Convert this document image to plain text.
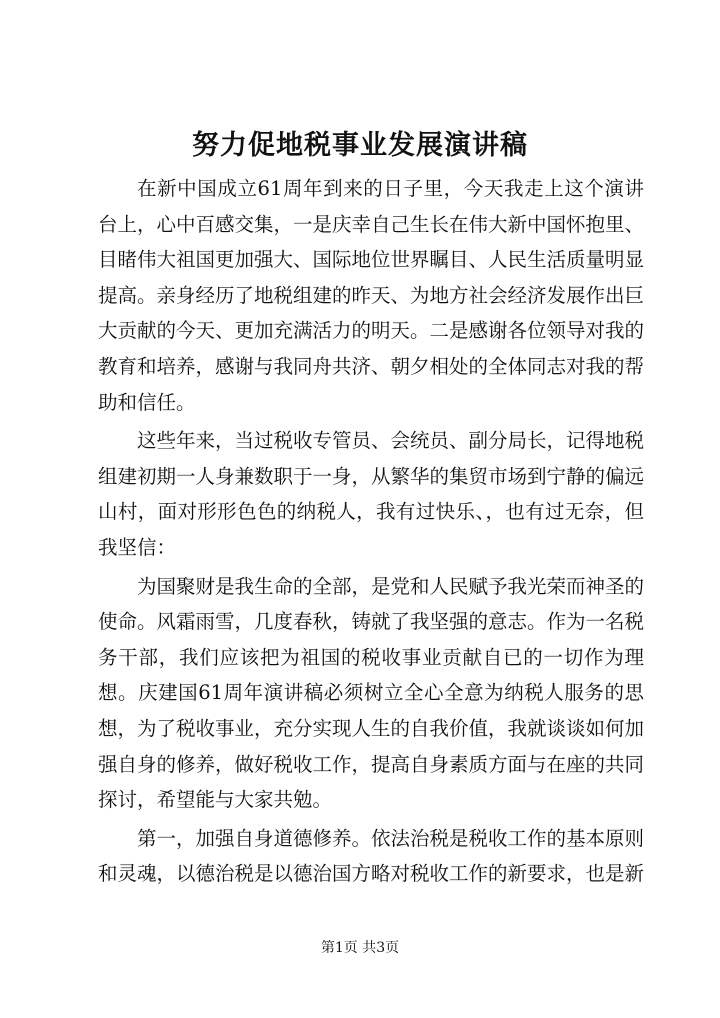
努力促地税事业发展演讲稿

在新中国成立61周年到来的日子里，今天我走上这个演讲台上，心中百感交集，一是庆幸自己生长在伟大新中国怀抱里、目睹伟大祖国更加强大、国际地位世界瞩目、人民生活质量明显提高。亲身经历了地税组建的昨天、为地方社会经济发展作出巨大贡献的今天、更加充满活力的明天。二是感谢各位领导对我的教育和培养，感谢与我同舟共济、朝夕相处的全体同志对我的帮助和信任。

这些年来，当过税收专管员、会统员、副分局长，记得地税组建初期一人身兼数职于一身，从繁华的集贸市场到宁静的偏远山村，面对形形色色的纳税人，我有过快乐、，也有过无奈，但我坚信：

为国聚财是我生命的全部，是党和人民赋予我光荣而神圣的使命。风霜雨雪，几度春秋，铸就了我坚强的意志。作为一名税务干部，我们应该把为祖国的税收事业贡献自已的一切作为理想。庆建国61周年演讲稿必须树立全心全意为纳税人服务的思想，为了税收事业，充分实现人生的自我价值，我就谈谈如何加强自身的修养，做好税收工作，提高自身素质方面与在座的共同探讨，希望能与大家共勉。

第一，加强自身道德修养。依法治税是税收工作的基本原则和灵魂，以德治税是以德治国方略对税收工作的新要求，也是新

第1页 共3页
